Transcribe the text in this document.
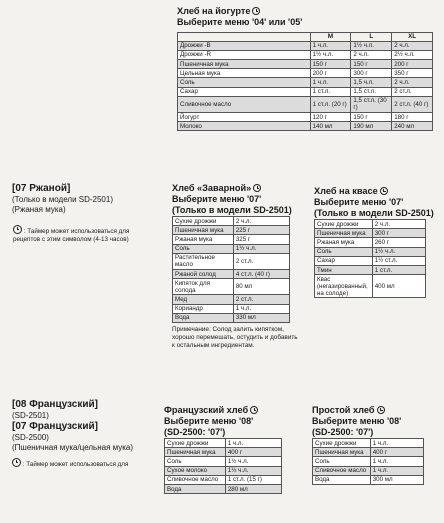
Хлеб на йогурте
Выберите меню '04' или '05'
	M	L	XL
Дрожжи -B	1 ч.л.	1½ ч.л.	2 ч.л.
Дрожжи -R	1½ ч.л.	2 ч.л.	2½ ч.л.
Пшеничная мука	150 г	150 г	200 г
Цельная мука	200 г	300 г	350 г
Соль	1 ч.л.	1,5 ч.л.	2 ч.л.
Сахар	1 ст.л.	1,5 ст.л.	2 ст.л.
Сливочное масло	1 ст.л. (20 г)	1,5 ст.л. (30 г)	2 ст.л. (40 г)
Йогурт	120 г	150 г	180 г
Молоко	140 мл	190 мл	240 мл
[07 Ржаной]
(Только в модели SD-2501)
(Ржаная мука)
: Таймер может использоваться для рецептов с этим символом (4-13 часов)
Хлеб «Заварной»
Выберите меню '07'
(Только в модели SD-2501)
Сухие дрожжи	2 ч.л.
Пшеничная мука	225 г
Ржаная мука	325 г
Соль	1½ ч.л.
Растительное масло	2 ст.л.
Ржаной солод	4 ст.л. (40 г)
Кипяток для солода	80 мл
Мед	2 ст.л.
Кориандр	1 ч.л.
Вода	330 мл
Примечание: Солод залить кипятком, хорошо перемешать, остудить и добавить к остальным ингредиентам.
Хлеб на квасе
Выберите меню '07'
(Только в модели SD-2501)
Сухие дрожжи	2 ч.л.
Пшеничная мука	300 г
Ржаная мука	260 г
Соль	1½ ч.л.
Сахар	1½ ст.л.
Тмин	1 ст.л.
Квас (негазированный, на солоде)	400 мл
[08 Французский]
(SD-2501)
[07 Французский]
(SD-2500)
(Пшеничная мука/цельная мука)
: Таймер может использоваться для
Французский хлеб
Выберите меню '08'
(SD-2500: '07')
Сухие дрожжи	1 ч.л.
Пшеничная мука	400 г
Соль	1½ ч.л.
Сухое молоко	1½ ч.л.
Сливочное масло	1 ст.л. (15 г)
Вода	280 мл
Простой хлеб
Выберите меню '08'
(SD-2500: '07')
Сухие дрожжи	1 ч.л.
Пшеничная мука	400 г
Соль	1 ч.л.
Сливочное масло	1 ч.л.
Вода	300 мл
